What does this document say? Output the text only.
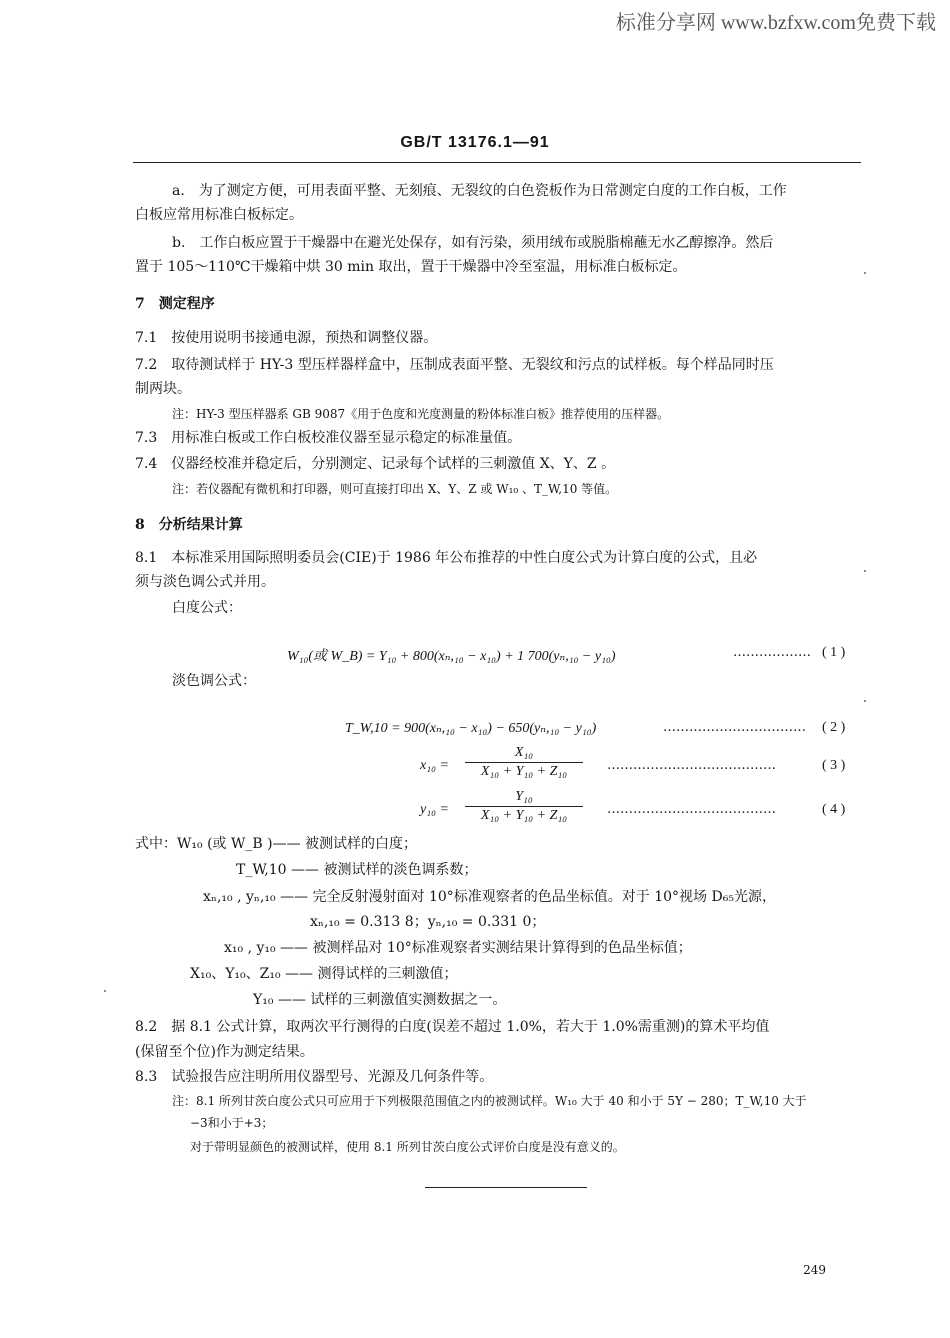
标准分享网 www.bzfxw.com免费下载
GB/T 13176.1—91
a.　为了测定方便，可用表面平整、无刻痕、无裂纹的白色瓷板作为日常测定白度的工作白板，工作
白板应常用标准白板标定。
b.　工作白板应置于干燥器中在避光处保存，如有污染，须用绒布或脱脂棉蘸无水乙醇擦净。然后
置于 105～110℃干燥箱中烘 30 min 取出，置于干燥器中冷至室温，用标准白板标定。
7　测定程序
7.1　按使用说明书接通电源，预热和调整仪器。
7.2　取待测试样于 HY-3 型压样器样盒中，压制成表面平整、无裂纹和污点的试样板。每个样品同时压
制两块。
注：HY-3 型压样器系 GB 9087《用于色度和光度测量的粉体标准白板》推荐使用的压样器。
7.3　用标准白板或工作白板校准仪器至显示稳定的标准量值。
7.4　仪器经校准并稳定后，分别测定、记录每个试样的三刺激值 X、Y、Z 。
注：若仪器配有微机和打印器，则可直接打印出 X、Y、Z 或 W₁₀ 、T_W,10 等值。
8　分析结果计算
8.1　本标准采用国际照明委员会(CIE)于 1986 年公布推荐的中性白度公式为计算白度的公式，且必
须与淡色调公式并用。
白度公式：
W₁₀(或 W_B) = Y₁₀ + 800(xₙ,₁₀ − x₁₀) + 1 700(yₙ,₁₀ − y₁₀)	……………… ( 1 )
淡色调公式：
T_W,10 = 900(xₙ,₁₀ − x₁₀) − 650(yₙ,₁₀ − y₁₀)	…………………………… ( 2 )
$x_{10} = \frac{\text{X₁₀}}{\text{X₁₀ + Y₁₀ + Z₁₀}}$ …………………………………	( 3 )
$y_{10} = \frac{\text{Y₁₀}}{\text{X₁₀ + Y₁₀ + Z₁₀}}$ …………………………………	( 4 )
式中：W₁₀ (或 W_B )—— 被测试样的白度；
T_W,10 —— 被测试样的淡色调系数；
xₙ,₁₀ , yₙ,₁₀ —— 完全反射漫射面对 10°标准观察者的色品坐标值。对于 10°视场 D₆₅光源，
xₙ,₁₀ = 0.313 8；yₙ,₁₀ = 0.331 0；
x₁₀ , y₁₀ —— 被测样品对 10°标准观察者实测结果计算得到的色品坐标值；
X₁₀、Y₁₀、Z₁₀ —— 测得试样的三刺激值；
Y₁₀ —— 试样的三刺激值实测数据之一。
8.2　据 8.1 公式计算，取两次平行测得的白度(误差不超过 1.0%，若大于 1.0%需重测)的算术平均值
(保留至个位)作为测定结果。
8.3　试验报告应注明所用仪器型号、光源及几何条件等。
注：8.1 所列甘茨白度公式只可应用于下列极限范围值之内的被测试样。W₁₀ 大于 40 和小于 5Y − 280；T_W,10 大于
−3和小于+3；
对于带明显颜色的被测试样，使用 8.1 所列甘茨白度公式评价白度是没有意义的。
249
